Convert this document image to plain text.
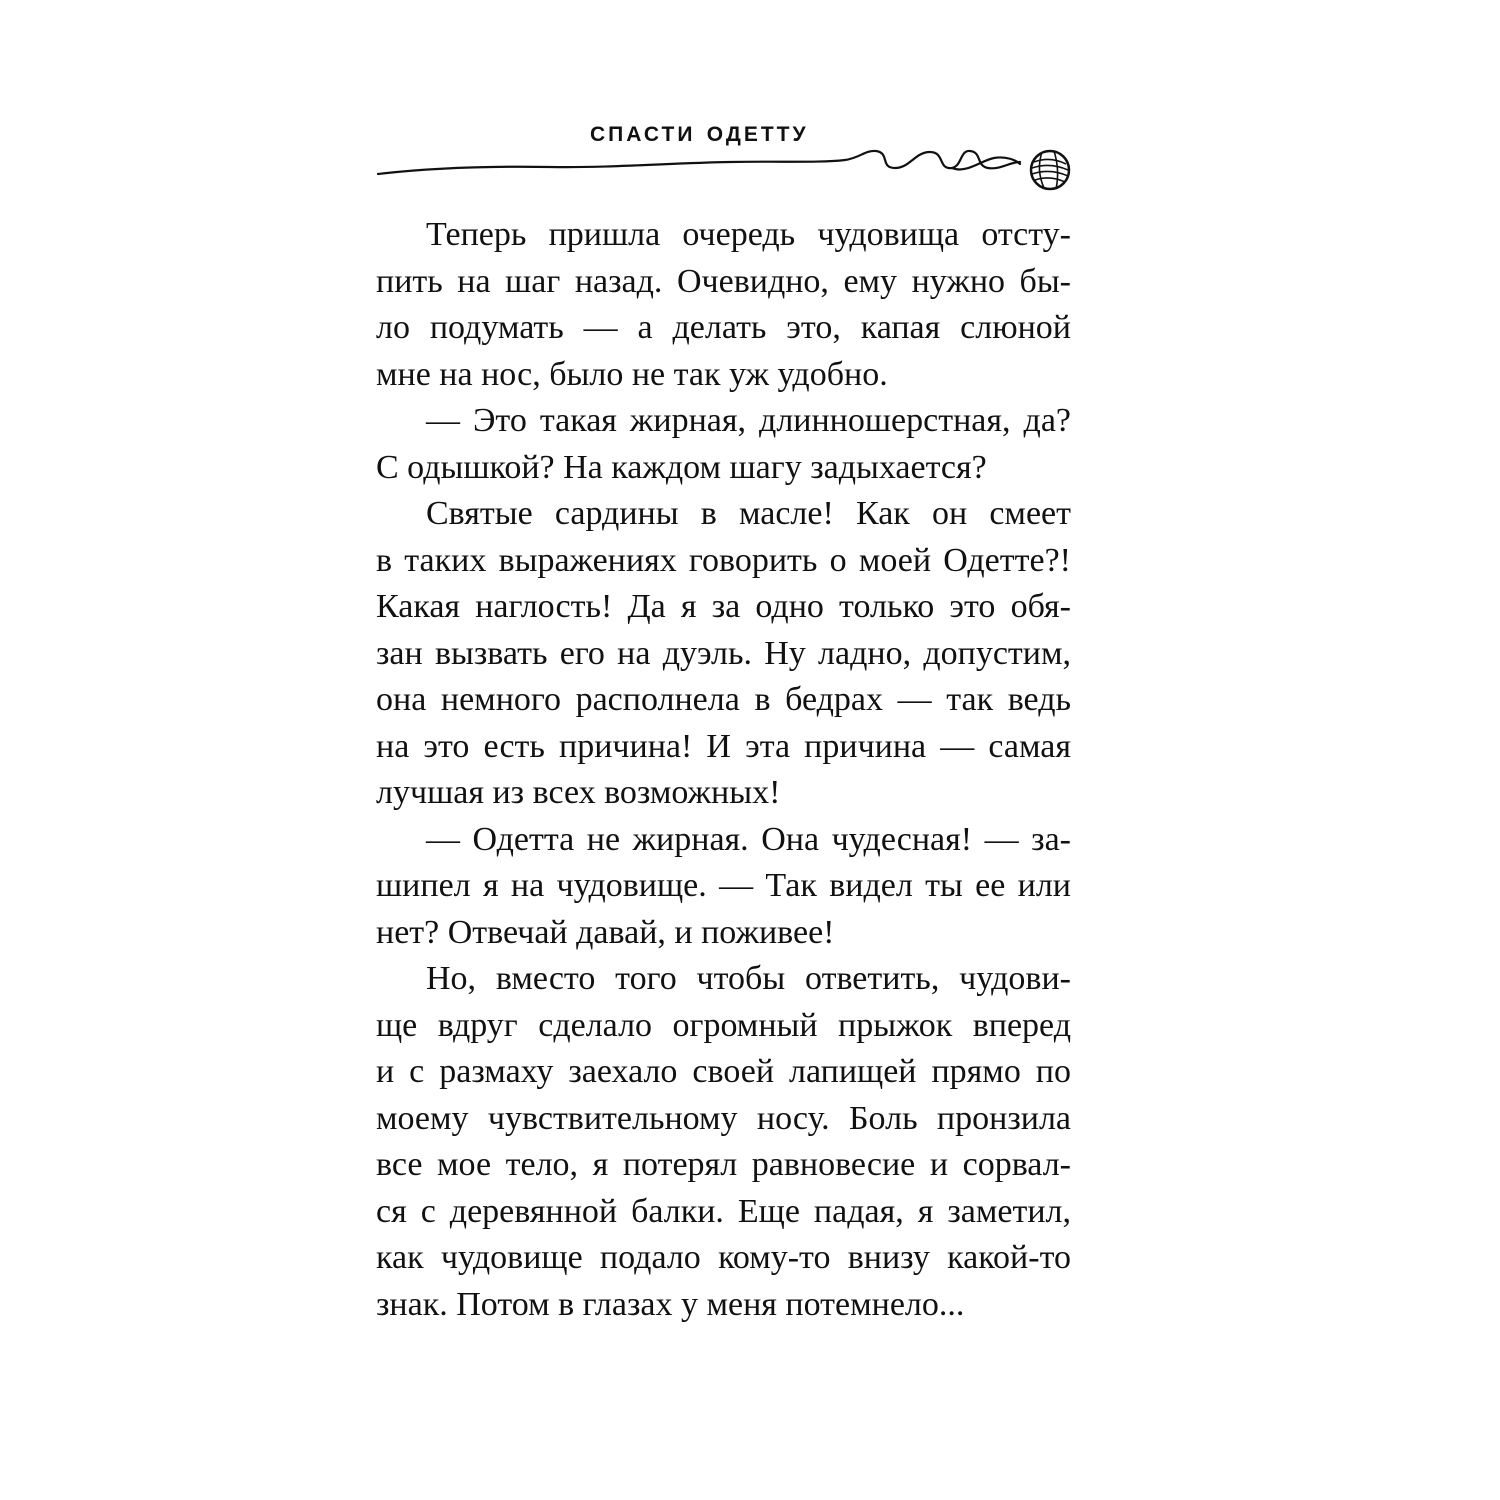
спасти одетту
Теперь пришла очередь чудовища отсту-
пить на шаг назад. Очевидно, ему нужно бы-
ло подумать — а делать это, капая слюной
мне на нос, было не так уж удобно.
— Это такая жирная, длинношерстная, да?
С одышкой? На каждом шагу задыхается?
Святые сардины в масле! Как он смеет
в таких выражениях говорить о моей Одетте?!
Какая наглость! Да я за одно только это обя-
зан вызвать его на дуэль. Ну ладно, допустим,
она немного располнела в бедрах — так ведь
на это есть причина! И эта причина — самая
лучшая из всех возможных!
— Одетта не жирная. Она чудесная! — за-
шипел я на чудовище. — Так видел ты ее или
нет? Отвечай давай, и поживее!
Но, вместо того чтобы ответить, чудови-
ще вдруг сделало огромный прыжок вперед
и с размаху заехало своей лапищей прямо по
моему чувствительному носу. Боль пронзила
все мое тело, я потерял равновесие и сорвал-
ся с деревянной балки. Еще падая, я заметил,
как чудовище подало кому-то внизу какой-то
знак. Потом в глазах у меня потемнело...
